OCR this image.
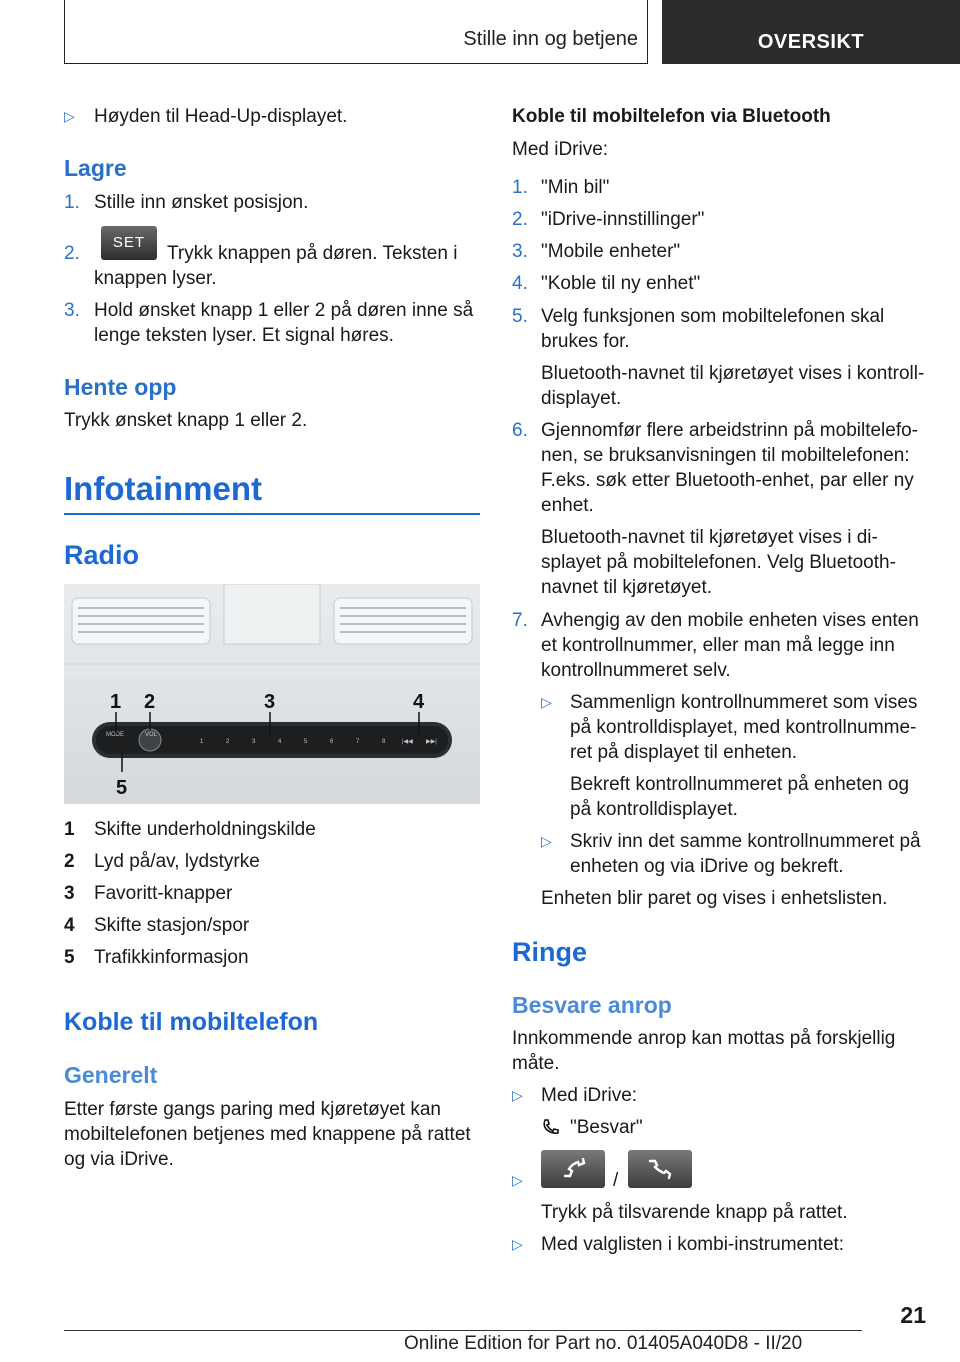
Stille inn og betjene	OVERSIKT
▷ Høyden til Head-Up-displayet.
Lagre
1. Stille inn ønsket posisjon.
2.
SET
Trykk knappen på døren. Teksten i
knappen lyser.
3. Hold ønsket knapp 1 eller 2 på døren inne så
lenge teksten lyser. Et signal høres.
Hente opp
Trykk ønsket knapp 1 eller 2.
Infotainment
Radio
MODE	VOL
1	2	3	4	5	6	7	8	|◀◀ ▶▶|
1 2	3	4
5
1 Skifte underholdningskilde
2 Lyd på/av, lydstyrke
3 Favoritt-knapper
4 Skifte stasjon/spor
5 Trafikkinformasjon
Koble til mobiltelefon
Generelt
Etter første gangs paring med kjøretøyet kan
mobiltelefonen betjenes med knappene på rattet
og via iDrive.
Koble til mobiltelefon via Bluetooth
Med iDrive:
1. "Min bil"
2. "iDrive-innstillinger"
3. "Mobile enheter"
4. "Koble til ny enhet"
5. Velg funksjonen som mobiltelefonen skal
brukes for.
Bluetooth-navnet til kjøretøyet vises i kontroll-
displayet.
6. Gjennomfør flere arbeidstrinn på mobiltelefo-
nen, se bruksanvisningen til mobiltelefonen:
F.eks. søk etter Bluetooth-enhet, par eller ny
enhet.
Bluetooth-navnet til kjøretøyet vises i di-
splayet på mobiltelefonen. Velg Bluetooth-
navnet til kjøretøyet.
7. Avhengig av den mobile enheten vises enten
et kontrollnummer, eller man må legge inn
kontrollnummeret selv.
▷ Sammenlign kontrollnummeret som vises
på kontrolldisplayet, med kontrollnumme-
ret på displayet til enheten.
Bekreft kontrollnummeret på enheten og
på kontrolldisplayet.
▷ Skriv inn det samme kontrollnummeret på
enheten og via iDrive og bekreft.
Enheten blir paret og vises i enhetslisten.
Ringe
Besvare anrop
Innkommende anrop kan mottas på forskjellig
måte.
▷ Med iDrive:
"Besvar"
▷	/
Trykk på tilsvarende knapp på rattet.
▷ Med valglisten i kombi-instrumentet:
21
Online Edition for Part no. 01405A040D8 - II/20
